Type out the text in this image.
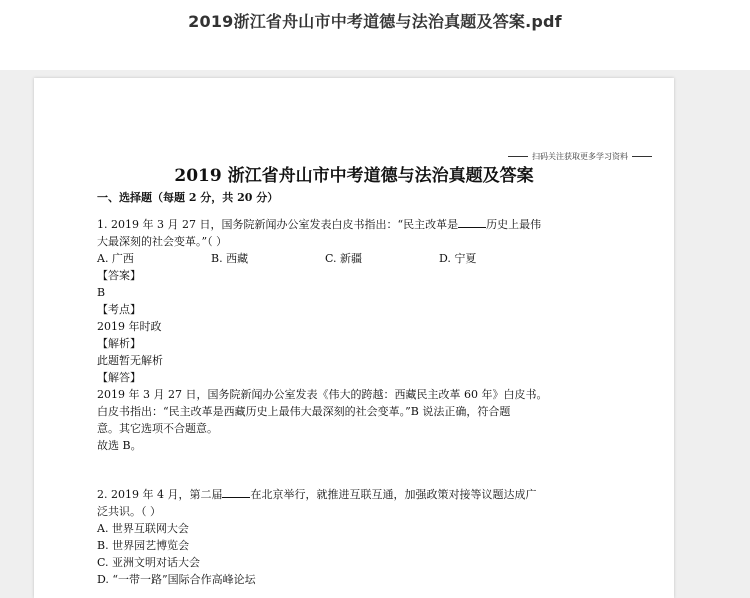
2019浙江省舟山市中考道德与法治真题及答案.pdf
扫码关注获取更多学习资料
2019 浙江省舟山市中考道德与法治真题及答案
一、选择题（每题 2 分，共 20 分）
1. 2019 年 3 月 27 日，国务院新闻办公室发表白皮书指出：“民主改革是	历史上最伟
大最深刻的社会变革。”（ ）
A. 广西	B. 西藏	C. 新疆	D. 宁夏
【答案】
B
【考点】
2019 年时政
【解析】
此题暂无解析
【解答】
2019 年 3 月 27 日，国务院新闻办公室发表《伟大的跨越：西藏民主改革 60 年》白皮书。
白皮书指出：“民主改革是西藏历史上最伟大最深刻的社会变革。”B 说法正确，符合题
意。其它选项不合题意。
故选 B。
2. 2019 年 4 月，第二届	在北京举行，就推进互联互通，加强政策对接等议题达成广
泛共识。（ ）
A. 世界互联网大会
B. 世界园艺博览会
C. 亚洲文明对话大会
D. “一带一路”国际合作高峰论坛
